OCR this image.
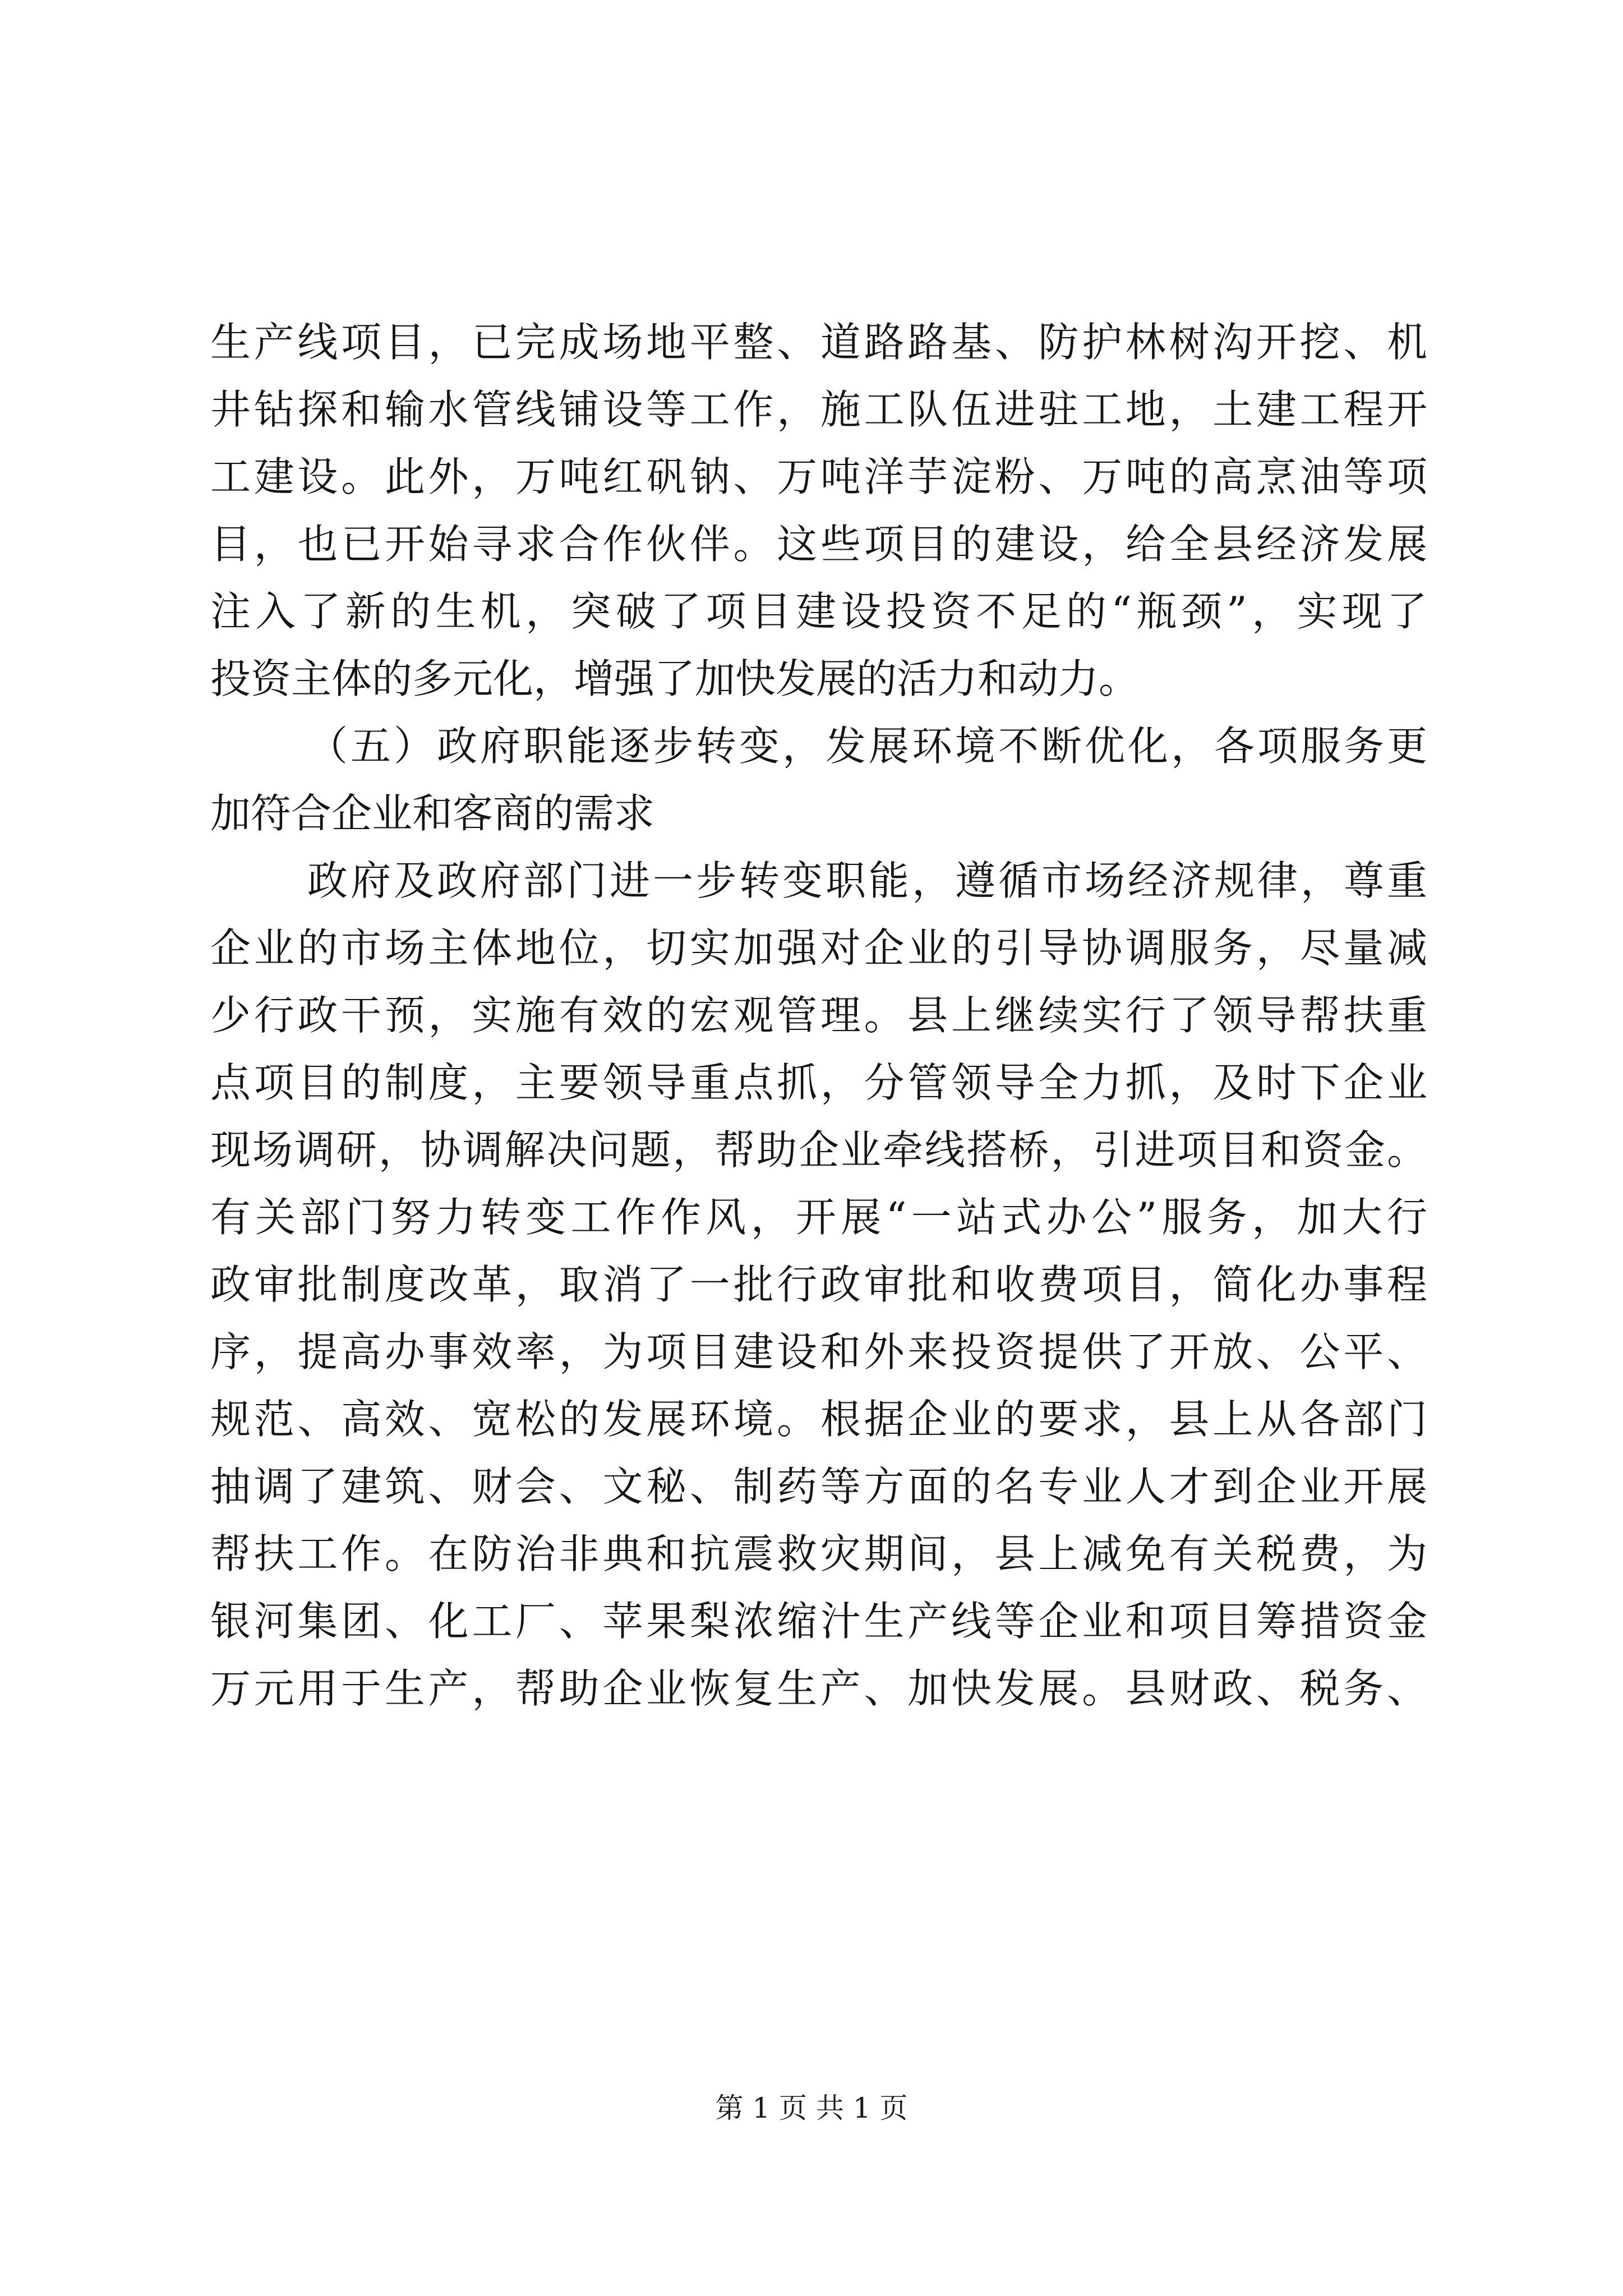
生产线项目，已完成场地平整、道路路基、防护林树沟开挖、机
井钻探和输水管线铺设等工作，施工队伍进驻工地，土建工程开
工建设。此外，万吨红矾钠、万吨洋芋淀粉、万吨的高烹油等项
目，也已开始寻求合作伙伴。这些项目的建设，给全县经济发展
注入了新的生机，突破了项目建设投资不足的“瓶颈”，实现了
投资主体的多元化，增强了加快发展的活力和动力。
（五）政府职能逐步转变，发展环境不断优化，各项服务更
加符合企业和客商的需求
政府及政府部门进一步转变职能，遵循市场经济规律，尊重
企业的市场主体地位，切实加强对企业的引导协调服务，尽量减
少行政干预，实施有效的宏观管理。县上继续实行了领导帮扶重
点项目的制度，主要领导重点抓，分管领导全力抓，及时下企业
现场调研，协调解决问题，帮助企业牵线搭桥，引进项目和资金。
有关部门努力转变工作作风，开展“一站式办公”服务，加大行
政审批制度改革，取消了一批行政审批和收费项目，简化办事程
序，提高办事效率，为项目建设和外来投资提供了开放、公平、
规范、高效、宽松的发展环境。根据企业的要求，县上从各部门
抽调了建筑、财会、文秘、制药等方面的名专业人才到企业开展
帮扶工作。在防治非典和抗震救灾期间，县上减免有关税费，为
银河集团、化工厂、苹果梨浓缩汁生产线等企业和项目筹措资金
万元用于生产，帮助企业恢复生产、加快发展。县财政、税务、
第 1 页 共 1 页
